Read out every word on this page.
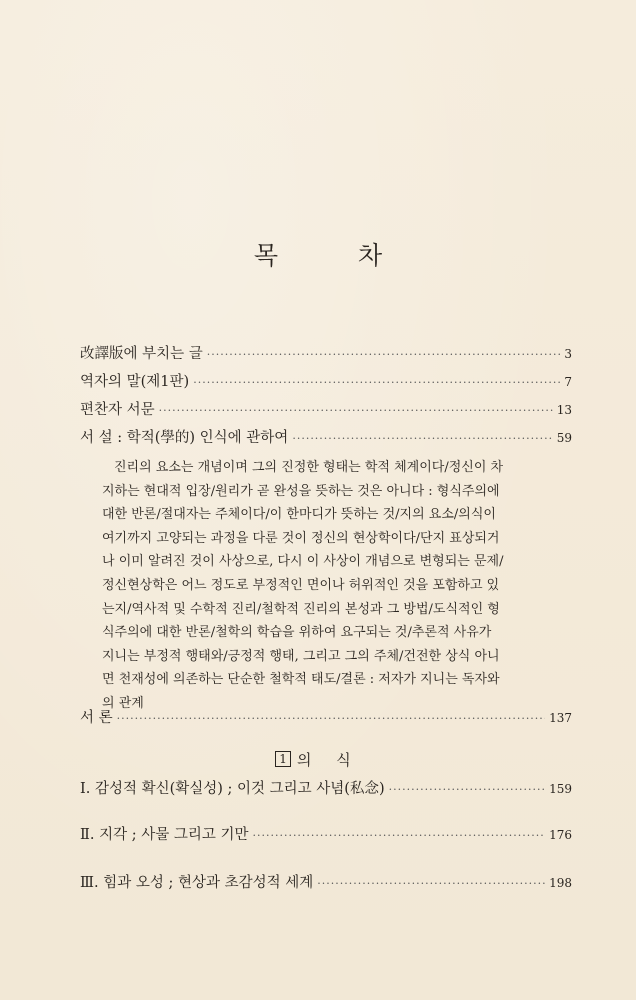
목 차
改譯版에 부치는 글 ·····	3
역자의 말(제1판) ·····	7
편찬자 서문 ·····	13
서 설 : 학적(學的) 인식에 관하여 ·····	59
진리의 요소는 개념이며 그의 진정한 형태는 학적 체계이다/정신이 차
지하는 현대적 입장/원리가 곧 완성을 뜻하는 것은 아니다 : 형식주의에
대한 반론/절대자는 주체이다/이 한마디가 뜻하는 것/지의 요소/의식이
여기까지 고양되는 과정을 다룬 것이 정신의 현상학이다/단지 표상되거
나 이미 알려진 것이 사상으로, 다시 이 사상이 개념으로 변형되는 문제/
정신현상학은 어느 정도로 부정적인 면이나 허위적인 것을 포함하고 있
는지/역사적 및 수학적 진리/철학적 진리의 본성과 그 방법/도식적인 형
식주의에 대한 반론/철학의 학습을 위하여 요구되는 것/추론적 사유가
지니는 부정적 행태와/긍정적 행태, 그리고 그의 주체/건전한 상식 아니
면 천재성에 의존하는 단순한 철학적 태도/결론 : 저자가 지니는 독자와
의 관계
서 론 ·····	137
1 의 식
Ⅰ. 감성적 확신(확실성) ; 이것 그리고 사념(私念) ·····	159
Ⅱ. 지각 ; 사물 그리고 기만 ·····	176
Ⅲ. 힘과 오성 ; 현상과 초감성적 세계 ·····	198
